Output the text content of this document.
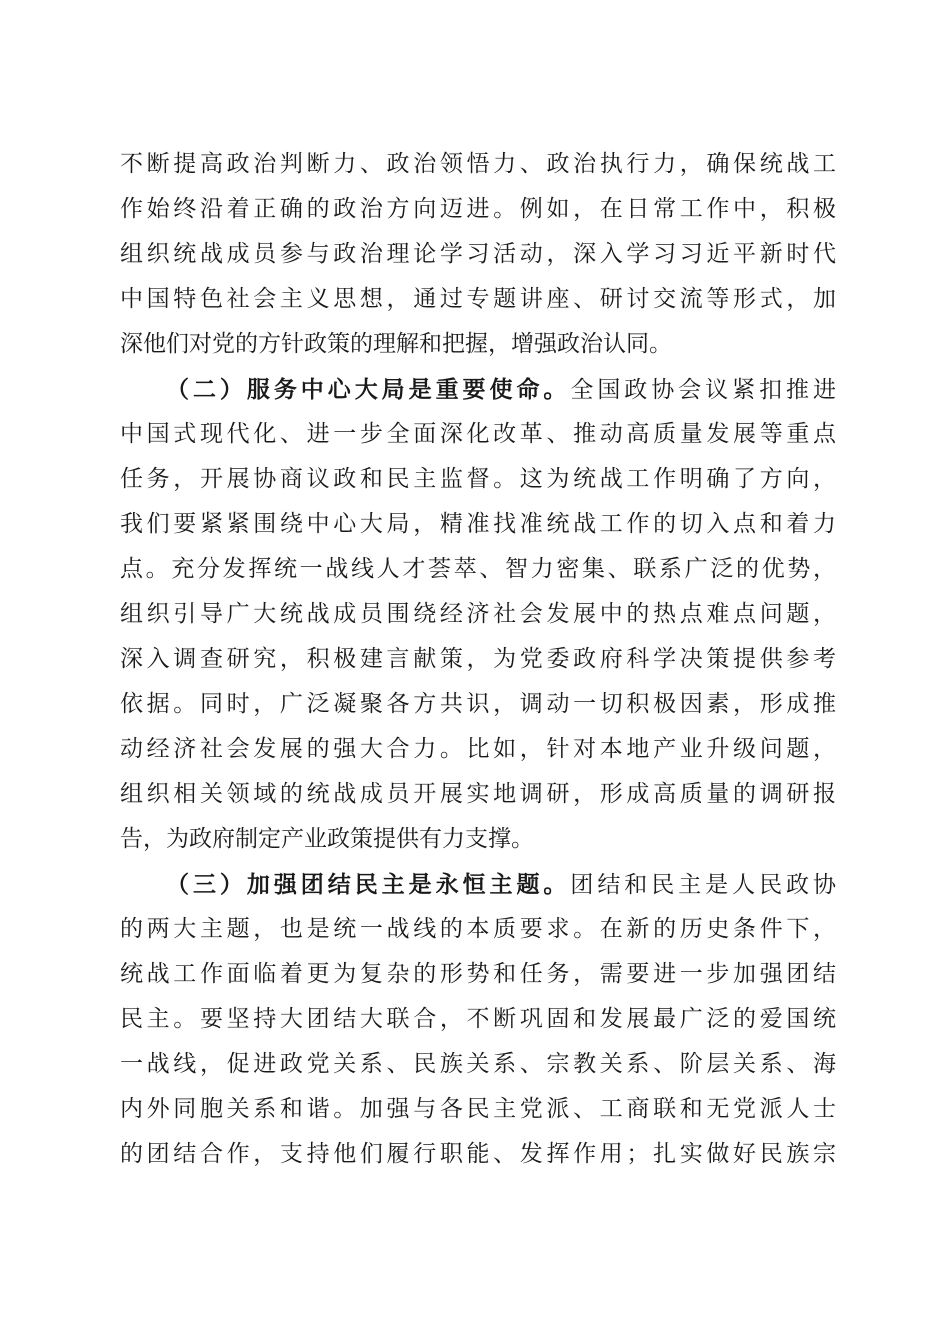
不断提高政治判断力、政治领悟力、政治执行力，确保统战工
作始终沿着正确的政治方向迈进。例如，在日常工作中，积极
组织统战成员参与政治理论学习活动，深入学习习近平新时代
中国特色社会主义思想，通过专题讲座、研讨交流等形式，加
深他们对党的方针政策的理解和把握，增强政治认同。
（二）服务中心大局是重要使命。全国政协会议紧扣推进
中国式现代化、进一步全面深化改革、推动高质量发展等重点
任务，开展协商议政和民主监督。这为统战工作明确了方向，
我们要紧紧围绕中心大局，精准找准统战工作的切入点和着力
点。充分发挥统一战线人才荟萃、智力密集、联系广泛的优势，
组织引导广大统战成员围绕经济社会发展中的热点难点问题，
深入调查研究，积极建言献策，为党委政府科学决策提供参考
依据。同时，广泛凝聚各方共识，调动一切积极因素，形成推
动经济社会发展的强大合力。比如，针对本地产业升级问题，
组织相关领域的统战成员开展实地调研，形成高质量的调研报
告，为政府制定产业政策提供有力支撑。
（三）加强团结民主是永恒主题。团结和民主是人民政协
的两大主题，也是统一战线的本质要求。在新的历史条件下，
统战工作面临着更为复杂的形势和任务，需要进一步加强团结
民主。要坚持大团结大联合，不断巩固和发展最广泛的爱国统
一战线，促进政党关系、民族关系、宗教关系、阶层关系、海
内外同胞关系和谐。加强与各民主党派、工商联和无党派人士
的团结合作，支持他们履行职能、发挥作用；扎实做好民族宗
